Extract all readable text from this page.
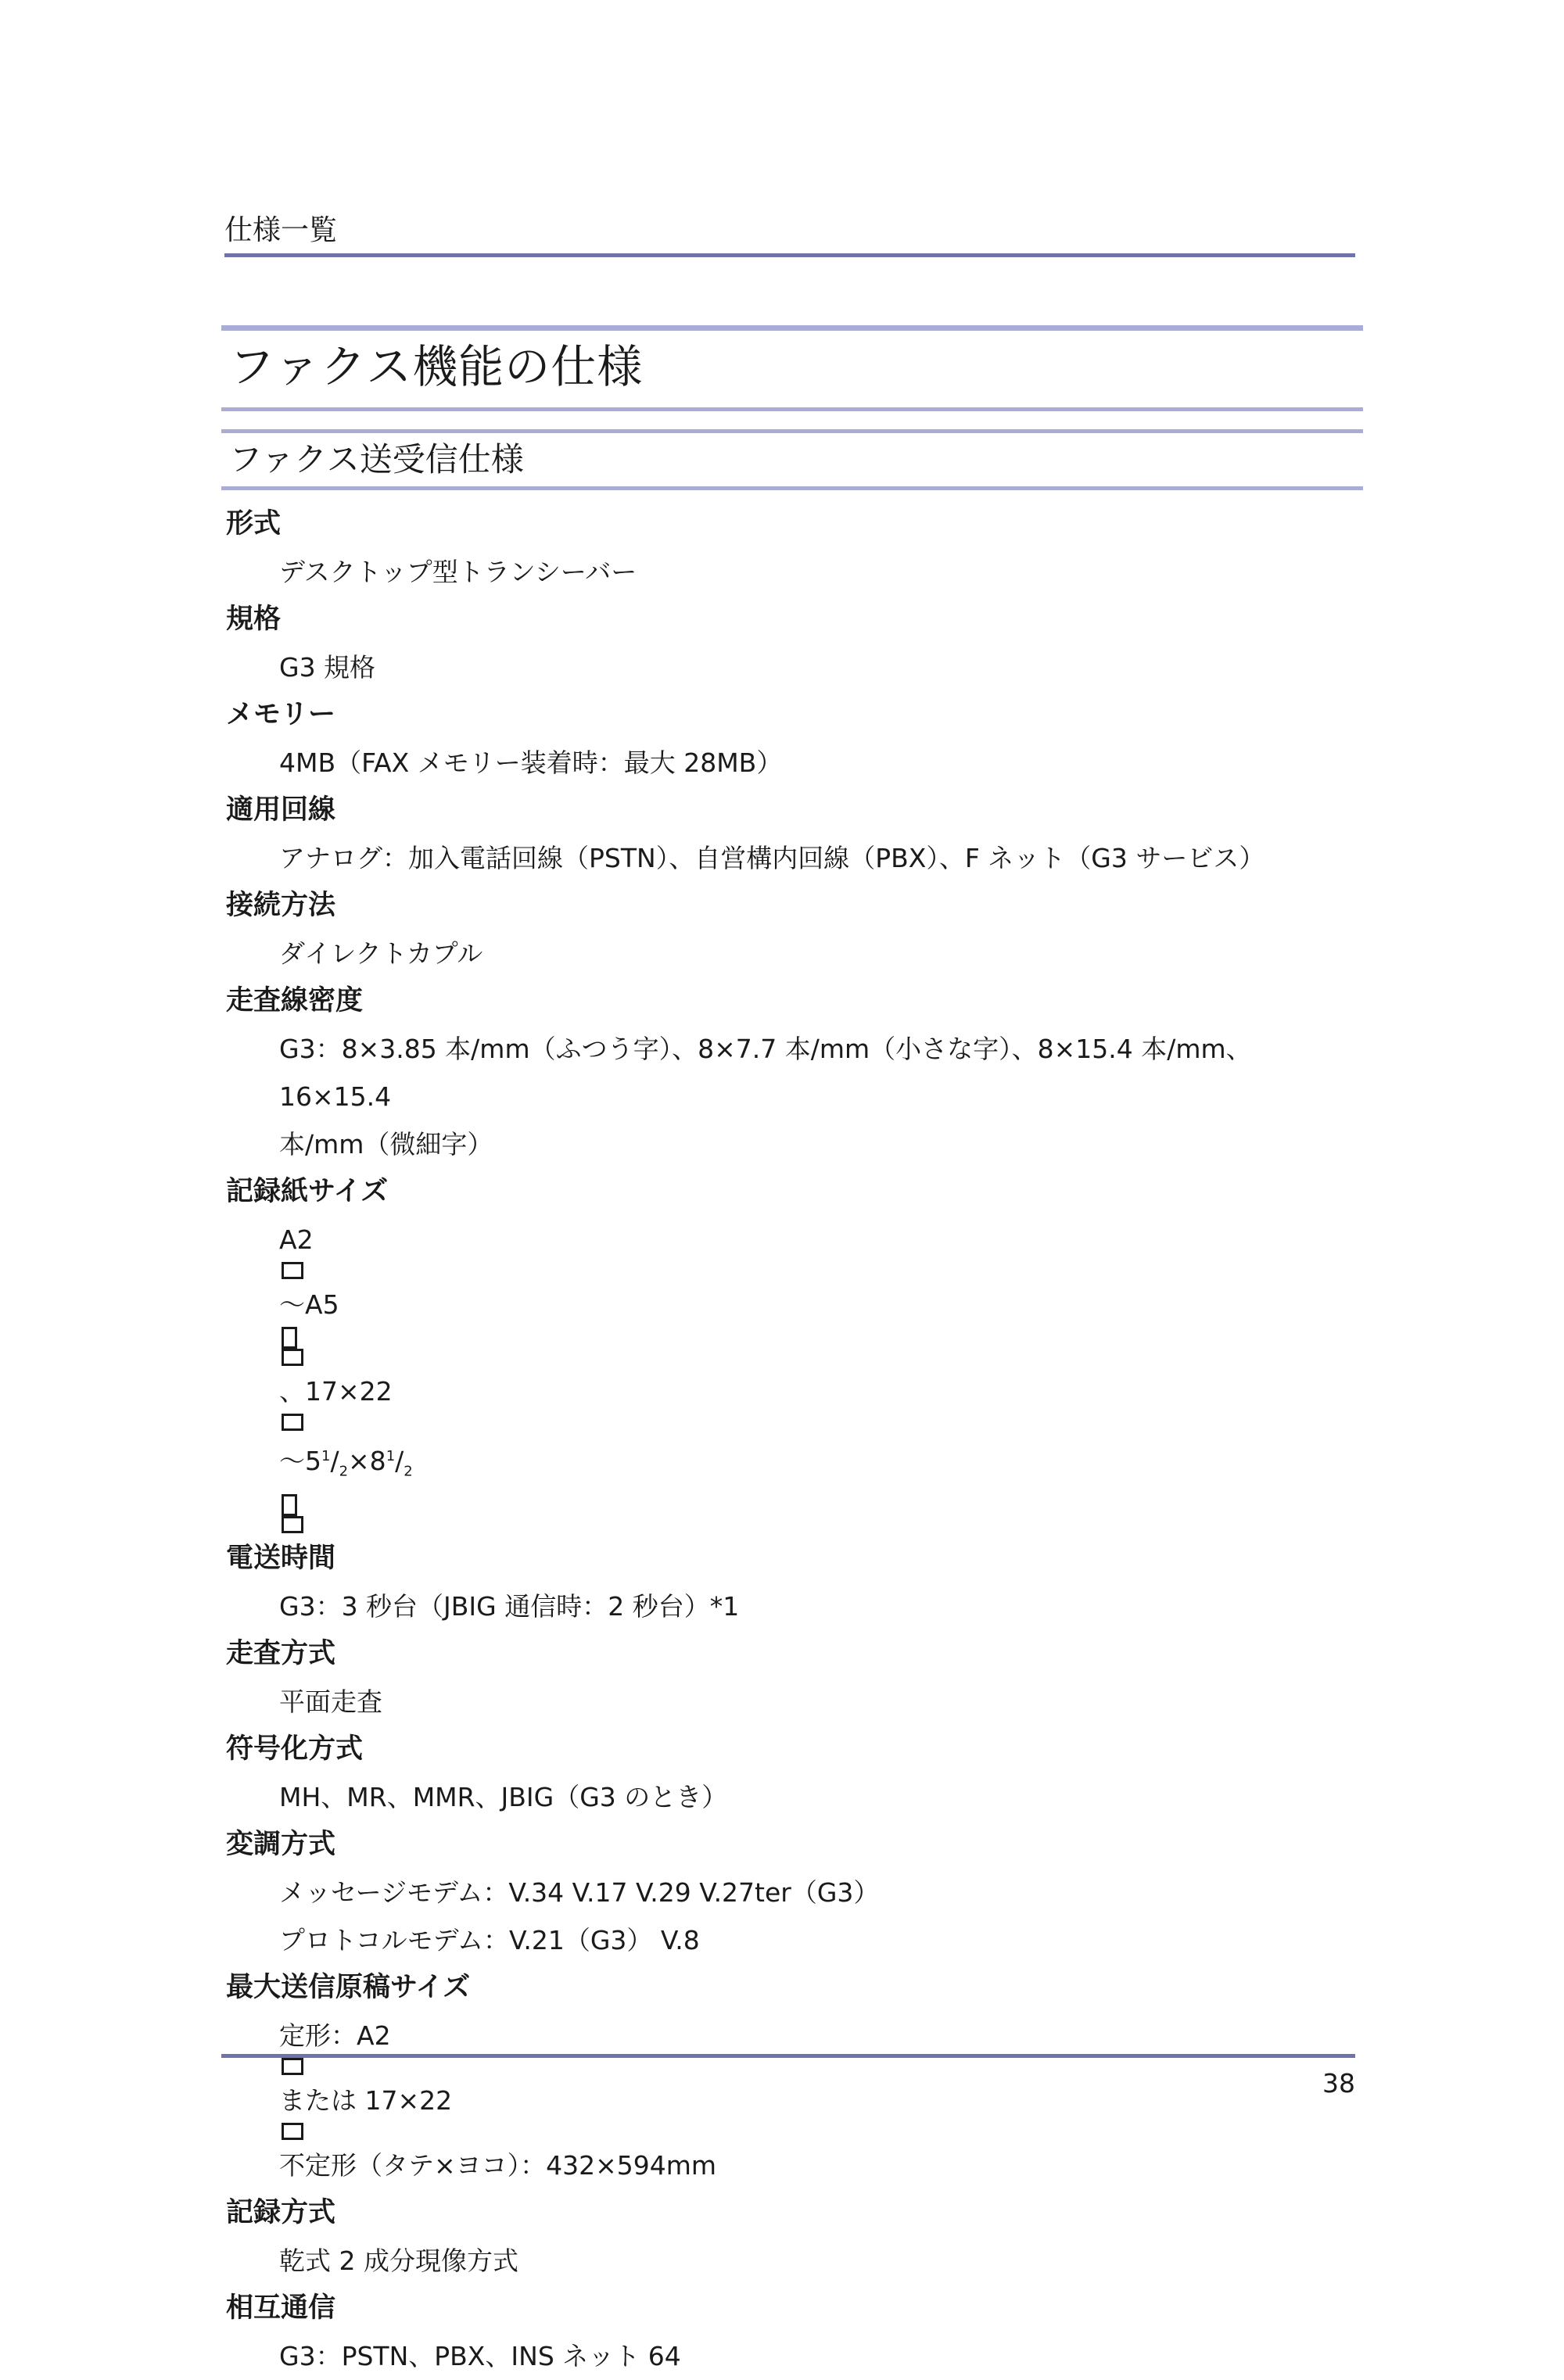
仕様一覧
ファクス機能の仕様
ファクス送受信仕様
形式
デスクトップ型トランシーバー
規格
G3 規格
メモリー
4MB（FAX メモリー装着時：最大 28MB）
適用回線
アナログ：加入電話回線（PSTN）、自営構内回線（PBX）、F ネット（G3 サービス）
接続方法
ダイレクトカプル
走査線密度
G3：8×3.85 本/mm（ふつう字）、8×7.7 本/mm（小さな字）、8×15.4 本/mm、16×15.4
本/mm（微細字）
記録紙サイズ
A2
～A5
、17×22
$\sim 5^1/_2\times 8^1/_2$
電送時間
G3：3 秒台（JBIG 通信時：2 秒台）*1
走査方式
平面走査
符号化方式
MH、MR、MMR、JBIG（G3 のとき）
変調方式
メッセージモデム：V.34 V.17 V.29 V.27ter（G3）
プロトコルモデム：V.21（G3） V.8
最大送信原稿サイズ
定形：A2
または 17×22
不定形（タテ×ヨコ）：432×594mm
記録方式
乾式 2 成分現像方式
相互通信
G3：PSTN、PBX、INS ネット 64
38
